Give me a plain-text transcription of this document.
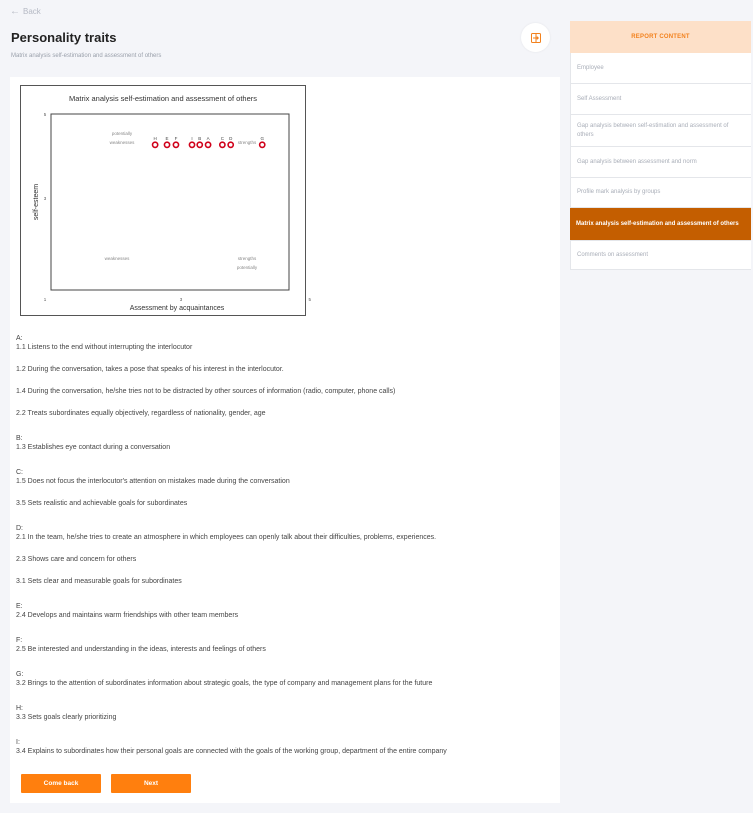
← Back
Personality traits
Matrix analysis self-estimation and assessment of others
Matrix analysis self-estimation and assessment of others
5
3
1	3	5
Assessment by acquaintances
self-esteem
potentially
weaknesses	strengths
weaknesses	strengths
potentially
H E F	I B A C D	G
A:
1.1 Listens to the end without interrupting the interlocutor
1.2 During the conversation, takes a pose that speaks of his interest in the interlocutor.
1.4 During the conversation, he/she tries not to be distracted by other sources of information (radio, computer, phone calls)
2.2 Treats subordinates equally objectively, regardless of nationality, gender, age
B:
1.3 Establishes eye contact during a conversation
C:
1.5 Does not focus the interlocutor's attention on mistakes made during the conversation
3.5 Sets realistic and achievable goals for subordinates
D:
2.1 In the team, he/she tries to create an atmosphere in which employees can openly talk about their difficulties, problems, experiences.
2.3 Shows care and concern for others
3.1 Sets clear and measurable goals for subordinates
E:
2.4 Develops and maintains warm friendships with other team members
F:
2.5 Be interested and understanding in the ideas, interests and feelings of others
G:
3.2 Brings to the attention of subordinates information about strategic goals, the type of company and management plans for the future
H:
3.3 Sets goals clearly prioritizing
I:
3.4 Explains to subordinates how their personal goals are connected with the goals of the working group, department of the entire company
Come back	Next
REPORT CONTENT
Employee
Self Assessment
Gap analysis between self-estimation and assessment of others
Gap analysis between assessment and norm
Profile mark analysis by groups
Matrix analysis self-estimation and assessment of others
Comments on assessment
